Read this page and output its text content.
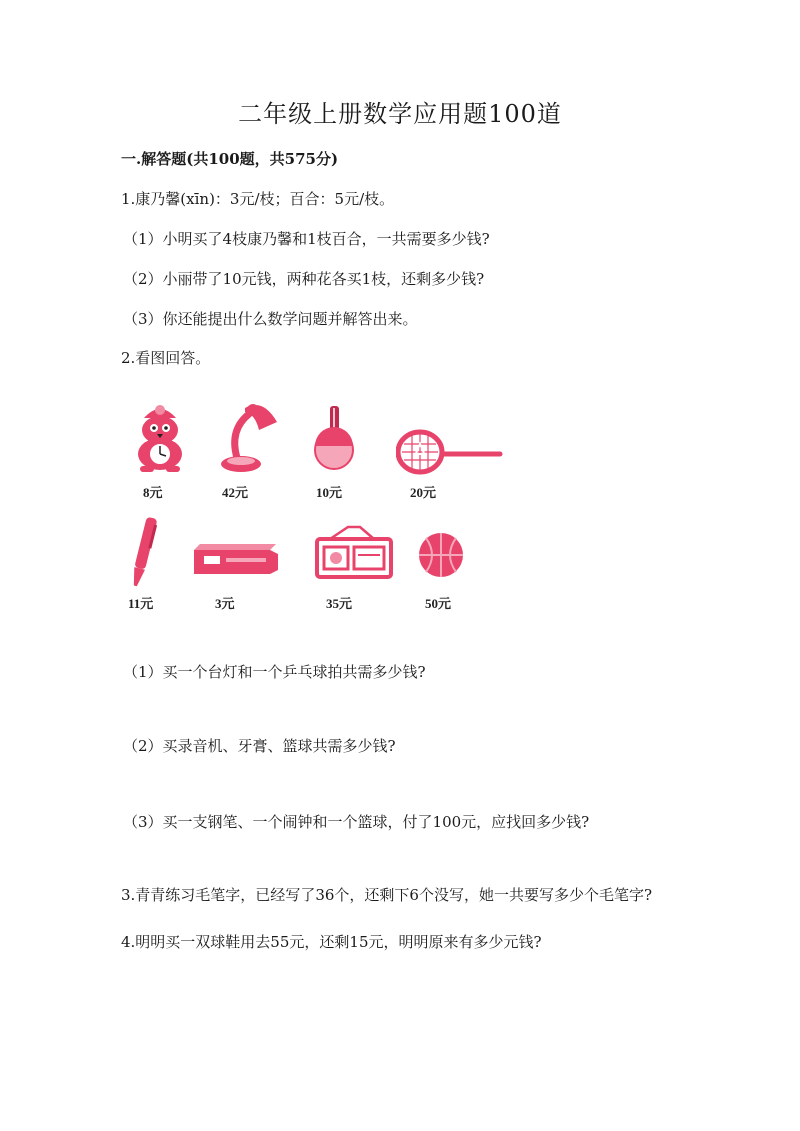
二年级上册数学应用题100道
一.解答题(共100题，共575分)
1.康乃馨(xīn)：3元/枝；百合：5元/枝。
（1）小明买了4枝康乃馨和1枝百合，一共需要多少钱?
（2）小丽带了10元钱，两种花各买1枝，还剩多少钱?
（3）你还能提出什么数学问题并解答出来。
2.看图回答。
8元	42元	10元	20元
11元	3元	35元	50元
（1）买一个台灯和一个乒乓球拍共需多少钱?
（2）买录音机、牙膏、篮球共需多少钱?
（3）买一支钢笔、一个闹钟和一个篮球，付了100元，应找回多少钱?
3.青青练习毛笔字，已经写了36个，还剩下6个没写，她一共要写多少个毛笔字?
4.明明买一双球鞋用去55元，还剩15元，明明原来有多少元钱?
